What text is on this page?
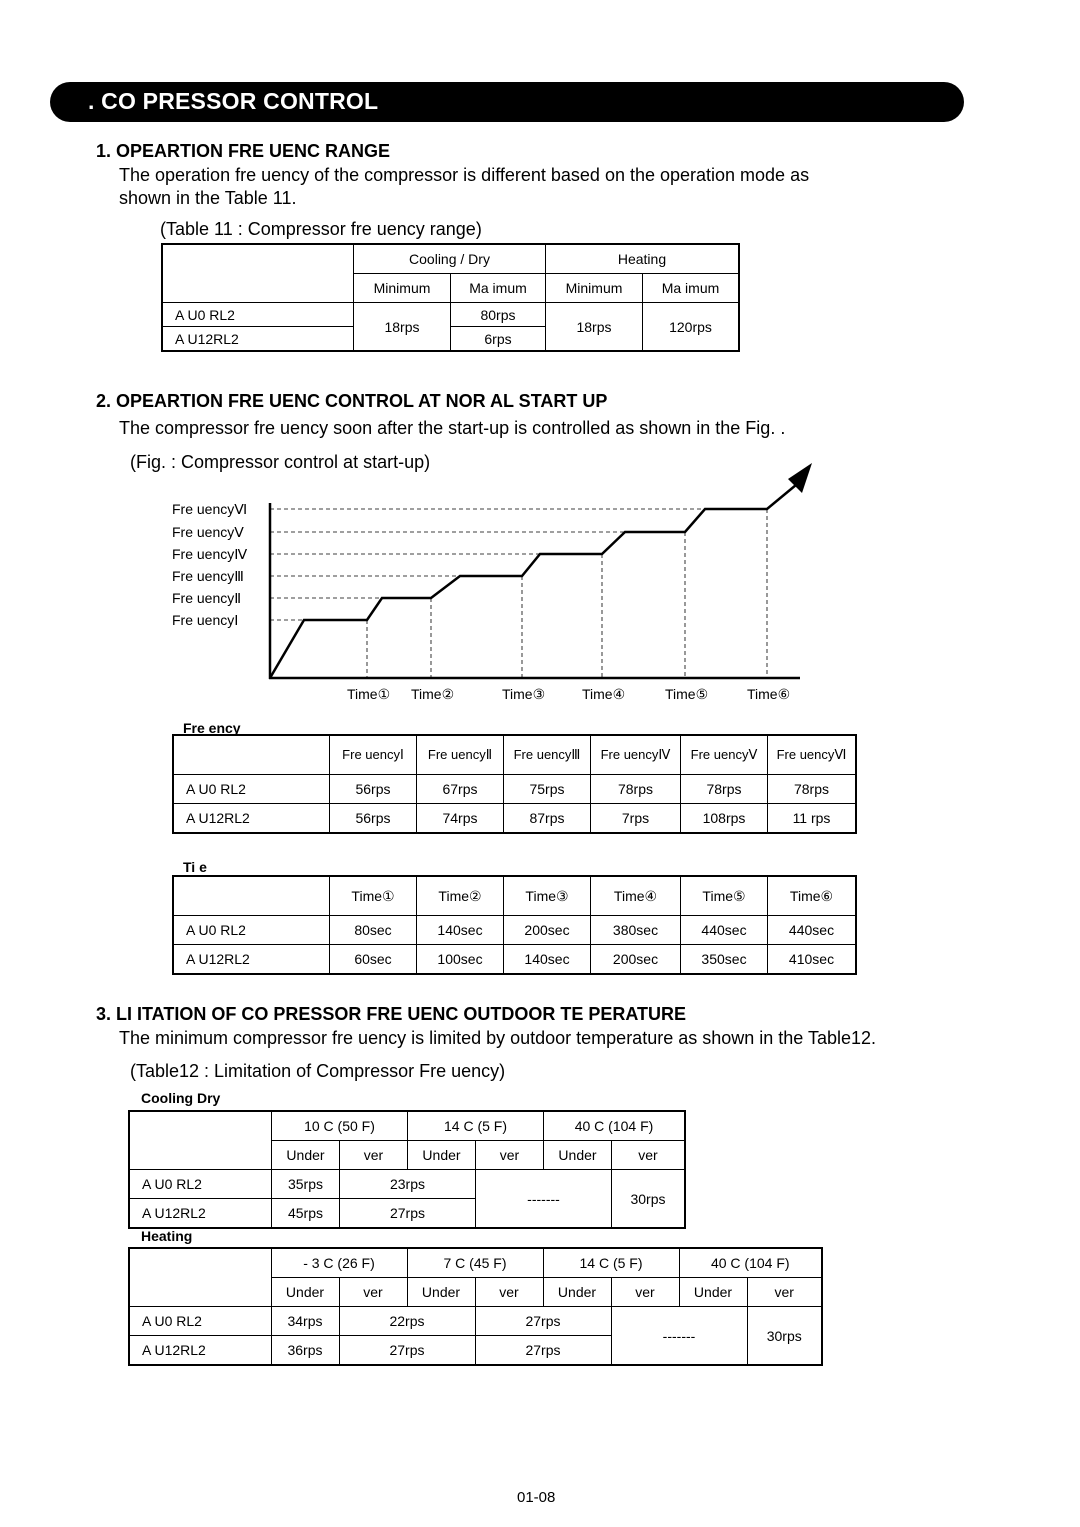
. CO PRESSOR CONTROL
1. OPEARTION FRE UENC RANGE
The operation fre uency of the compressor is different based on the operation mode as
shown in the Table 11.
(Table 11 : Compressor fre uency range)
	Cooling / Dry		Heating	
	Minimum	Ma imum	Minimum	Ma imum
A U0 RL2	18rps	80rps	18rps	120rps
A U12RL2		6rps		
2. OPEARTION FRE UENC CONTROL AT NOR AL START UP
The compressor fre uency soon after the start-up is controlled as shown in the Fig. .
(Fig. : Compressor control at start-up)
Fre uencyⅥ
Fre uencyⅤ
Fre uencyⅣ
Fre uencyⅢ
Fre uencyⅡ
Fre uencyⅠ
Time① Time②	Time③	Time④	Time⑤	Time⑥
Fre ency
	Fre uencyⅠ	Fre uencyⅡ	Fre uencyⅢ	Fre uencyⅣ	Fre uencyⅤ	Fre uencyⅥ
A U0 RL2	56rps	67rps	75rps	78rps	78rps	78rps
A U12RL2	56rps	74rps	87rps	7rps	108rps	11 rps
Ti e
	Time①	Time②	Time③	Time④	Time⑤	Time⑥
A U0 RL2	80sec	140sec	200sec	380sec	440sec	440sec
A U12RL2	60sec	100sec	140sec	200sec	350sec	410sec
3. LI ITATION OF CO PRESSOR FRE UENC OUTDOOR TE PERATURE
The minimum compressor fre uency is limited by outdoor temperature as shown in the Table12.
(Table12 : Limitation of Compressor Fre uency)
Cooling Dry
	10 C (50 F)		14 C (5 F)		40 C (104 F)	
	Under	ver	Under	ver	Under	ver
A U0 RL2	35rps	23rps		-------		30rps
A U12RL2	45rps	27rps				
Heating
	- 3 C (26 F)		7 C (45 F)		14 C (5 F)		40 C (104 F)	
	Under	ver	Under	ver	Under	ver	Under	ver
A U0 RL2	34rps	22rps		27rps		-------		30rps
A U12RL2	36rps	27rps		27rps				
01-08
